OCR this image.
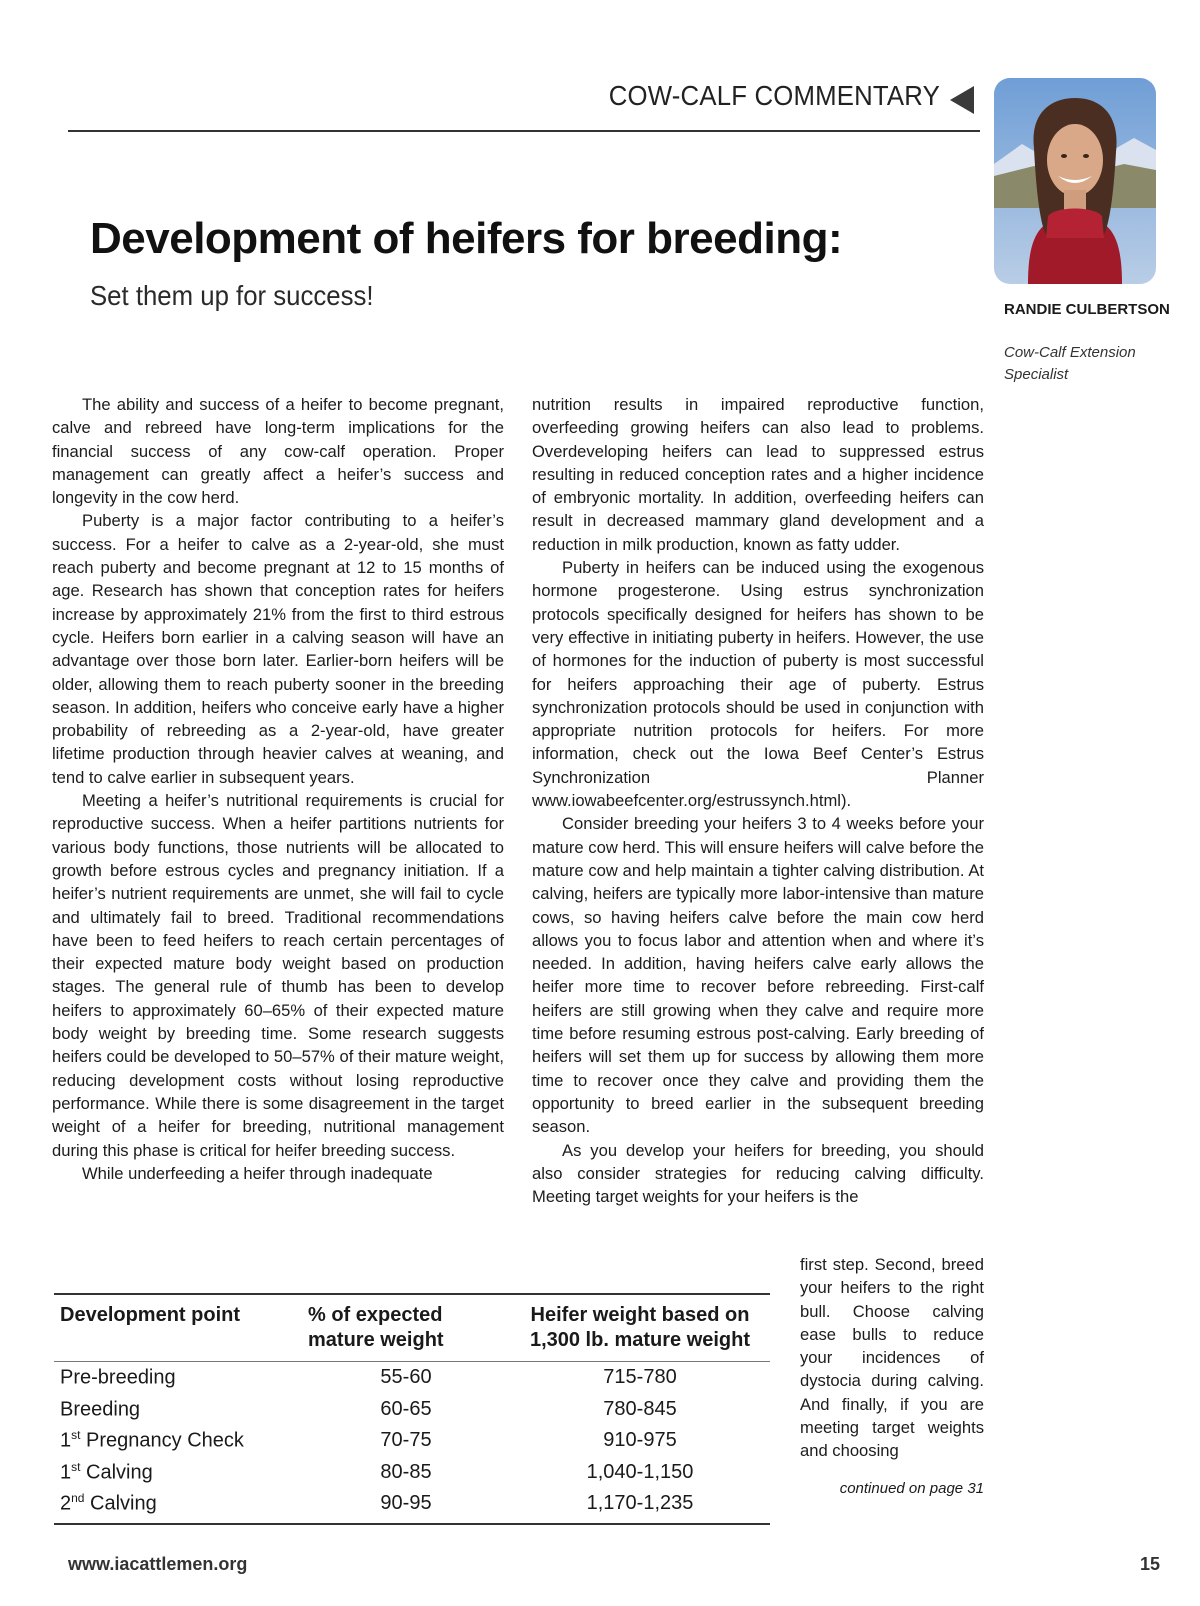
COW-CALF COMMENTARY
RANDIE CULBERTSON
Cow-Calf Extension Specialist
Development of heifers for breeding:
Set them up for success!

The ability and success of a heifer to become pregnant, calve and rebreed have long-term implications for the financial success of any cow-calf operation. Proper management can greatly affect a heifer’s success and longevity in the cow herd.

Puberty is a major factor contributing to a heifer’s success. For a heifer to calve as a 2-year-old, she must reach puberty and become pregnant at 12 to 15 months of age. Research has shown that conception rates for heifers increase by approximately 21% from the first to third estrous cycle. Heifers born earlier in a calving season will have an advantage over those born later. Earlier-born heifers will be older, allowing them to reach puberty sooner in the breeding season. In addition, heifers who conceive early have a higher probability of rebreeding as a 2-year-old, have greater lifetime production through heavier calves at weaning, and tend to calve earlier in subsequent years.

Meeting a heifer’s nutritional requirements is crucial for reproductive success. When a heifer partitions nutrients for various body functions, those nutrients will be allocated to growth before estrous cycles and pregnancy initiation. If a heifer’s nutrient requirements are unmet, she will fail to cycle and ultimately fail to breed. Traditional recommendations have been to feed heifers to reach certain percentages of their expected mature body weight based on production stages. The general rule of thumb has been to develop heifers to approximately 60–65% of their expected mature body weight by breeding time. Some research suggests heifers could be developed to 50–57% of their mature weight, reducing development costs without losing reproductive performance. While there is some disagreement in the target weight of a heifer for breeding, nutritional management during this phase is critical for heifer breeding success.

While underfeeding a heifer through inadequate

nutrition results in impaired reproductive function, overfeeding growing heifers can also lead to problems. Overdeveloping heifers can lead to suppressed estrus resulting in reduced conception rates and a higher incidence of embryonic mortality. In addition, overfeeding heifers can result in decreased mammary gland development and a reduction in milk production, known as fatty udder.

Puberty in heifers can be induced using the exogenous hormone progesterone. Using estrus synchronization protocols specifically designed for heifers has shown to be very effective in initiating puberty in heifers. However, the use of hormones for the induction of puberty is most successful for heifers approaching their age of puberty. Estrus synchronization protocols should be used in conjunction with appropriate nutrition protocols for heifers. For more information, check out the Iowa Beef Center’s Estrus Synchronization Planner www.iowabeefcenter.org/estrussynch.html).

Consider breeding your heifers 3 to 4 weeks before your mature cow herd. This will ensure heifers will calve before the mature cow and help maintain a tighter calving distribution. At calving, heifers are typically more labor-intensive than mature cows, so having heifers calve before the main cow herd allows you to focus labor and attention when and where it’s needed. In addition, having heifers calve early allows the heifer more time to recover before rebreeding. First-calf heifers are still growing when they calve and require more time before resuming estrous post-calving. Early breeding of heifers will set them up for success by allowing them more time to recover once they calve and providing them the opportunity to breed earlier in the subsequent breeding season.

As you develop your heifers for breeding, you should also consider strategies for reducing calving difficulty. Meeting target weights for your heifers is the

first step. Second, breed your heifers to the right bull. Choose calving ease bulls to reduce your incidences of dystocia during calving. And finally, if you are meeting target weights and choosing

continued on page 31
Development point	% of expected mature weight	Heifer weight based on 1,300 lb. mature weight
Pre-breeding	55-60	715-780
Breeding	60-65	780-845
1st Pregnancy Check	70-75	910-975
1st Calving	80-85	1,040-1,150
2nd Calving	90-95	1,170-1,235
www.iacattlemen.org	15
